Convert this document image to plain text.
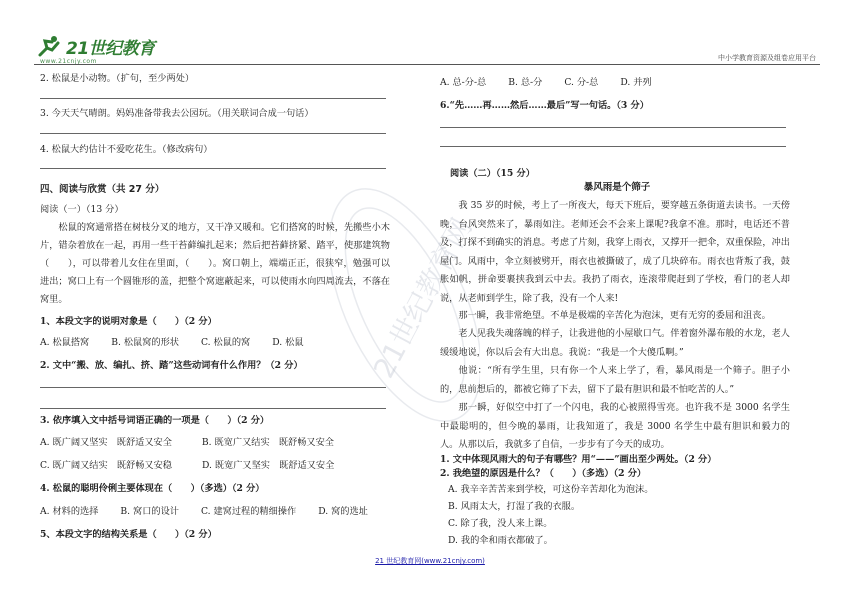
21世纪教育
www.21cnjy.com	中小学教育资源及组卷应用平台
21世纪教育网
2. 松鼠是小动物。（扩句，至少两处）
3. 今天天气晴朗。妈妈准备带我去公园玩。（用关联词合成一句话）
4. 松鼠大约估计不爱吃花生。（修改病句）
四、阅读与欣赏（共 27 分）
阅读（一）（13 分）
松鼠的窝通常搭在树枝分叉的地方，又干净又暖和。它们搭窝的时候，先搬些小木片，错杂着放在一起，再用一些干苔藓编扎起来；然后把苔藓挤紧、踏平，使那建筑物（　　），可以带着儿女住在里面，（　　）。窝口朝上，端端正正，很狭窄，勉强可以进出；窝口上有一个圆锥形的盖，把整个窝遮蔽起来，可以使雨水向四周流去，不落在窝里。
1、本段文字的说明对象是（　　）（2 分）
A. 松鼠搭窝 B. 松鼠窝的形状 C. 松鼠的窝 D. 松鼠
2. 文中“搬、放、编扎、挤、踏”这些动词有什么作用？（2 分）
3. 依序填入文中括号词语正确的一项是（　　）（2 分）
A. 既广阔又坚实　既舒适又安全	B. 既宽广又结实　既舒畅又安全
C. 既广阔又结实　既舒畅又安稳	D. 既宽广又坚实　既舒适又安全
4. 松鼠的聪明伶俐主要体现在（　　）（多选）（2 分）
A. 材料的选择 B. 窝口的设计 C. 建窝过程的精细操作 D. 窝的选址
5、本段文字的结构关系是（　　）（2 分）
A. 总-分-总 B. 总-分 C. 分-总 D. 并列
6.“先……再……然后……最后”写一句话。（3 分）
阅读（二）（15 分）
暴风雨是个筛子
我 35 岁的时候，考上了一所夜大，每天下班后，要穿越五条街道去读书。一天傍晚，台风突然来了，暴雨如注。老师还会不会来上课呢?我拿不准。那时，电话还不普及，打探不到确实的消息。考虑了片刻，我穿上雨衣，又撑开一把伞，双重保险，冲出屋门。风雨中，伞立刻被劈开，雨衣也被撕破了，成了几块碎布。雨衣也背叛了我，鼓胀如帆，拼命要裹挟我到云中去。我扔了雨衣，连滚带爬赶到了学校，看门的老人却说，从老师到学生，除了我，没有一个人来!
那一瞬，我非常绝望。不单是极端的辛苦化为泡沫，更有无穷的委屈和沮丧。
老人见我失魂落魄的样子，让我进他的小屋歇口气。伴着窗外瀑布般的水龙，老人缓缓地说，你以后会有大出息。我说：“我是一个大傻瓜啊。”
他说：“所有学生里，只有你一个人来上学了，看，暴风雨是一个筛子。胆子小的，思前想后的，都被它筛了下去，留下了最有胆识和最不怕吃苦的人。”
那一瞬，好似空中打了一个闪电，我的心被照得雪亮。也许我不是 3000 名学生中最聪明的，但今晚的暴雨，让我知道了，我是 3000 名学生中最有胆识和毅力的人。 从那以后，我就多了自信，一步步有了今天的成功。
1. 文中体现风雨大的句子有哪些？用“——”画出至少两处。（2 分）
2. 我绝望的原因是什么？（　　）（多选）（2 分）
A. 我辛辛苦苦来到学校，可这份辛苦却化为泡沫。
B. 风雨太大，打湿了我的衣服。
C. 除了我，没人来上课。
D. 我的伞和雨衣都破了。
21 世纪教育网(www.21cnjy.com)
